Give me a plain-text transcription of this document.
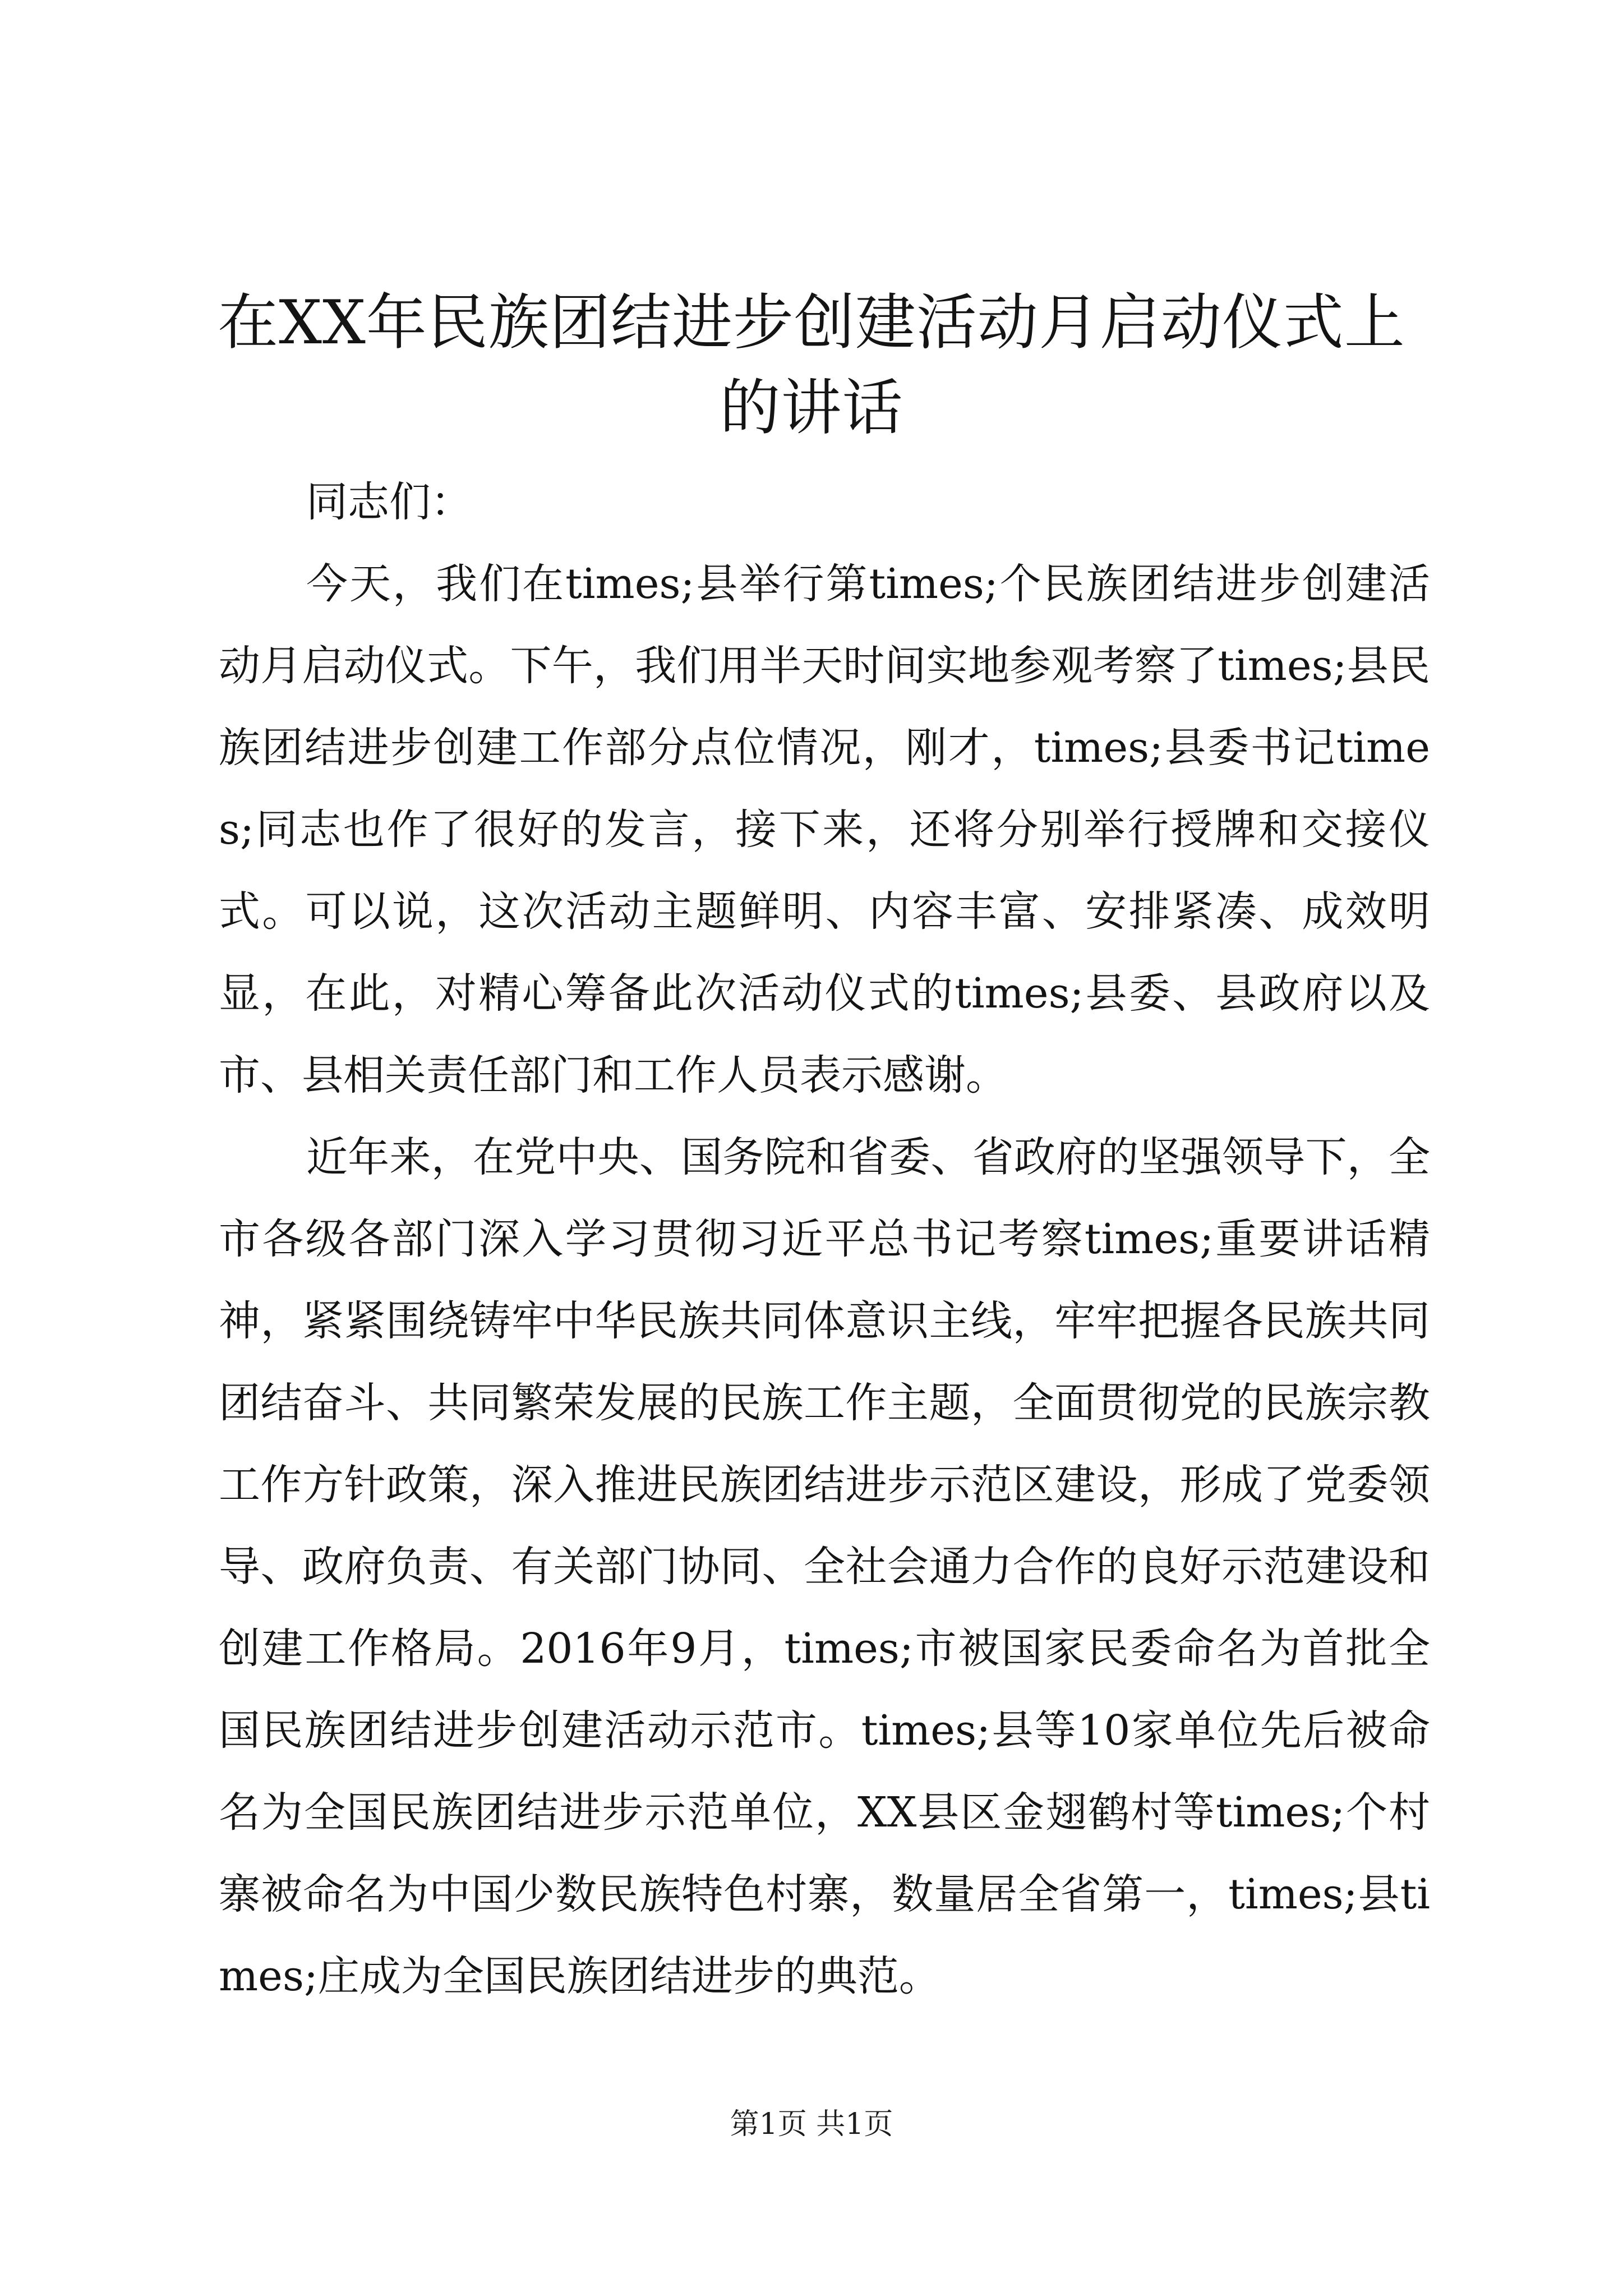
在XX年民族团结进步创建活动月启动仪式上的讲话

同志们：

今天，我们在times;县举行第times;个民族团结进步创建活动月启动仪式。下午，我们用半天时间实地参观考察了times;县民族团结进步创建工作部分点位情况，刚才，times;县委书记times;同志也作了很好的发言，接下来，还将分别举行授牌和交接仪式。可以说，这次活动主题鲜明、内容丰富、安排紧凑、成效明显，在此，对精心筹备此次活动仪式的times;县委、县政府以及市、县相关责任部门和工作人员表示感谢。

近年来，在党中央、国务院和省委、省政府的坚强领导下，全市各级各部门深入学习贯彻习近平总书记考察times;重要讲话精神，紧紧围绕铸牢中华民族共同体意识主线，牢牢把握各民族共同团结奋斗、共同繁荣发展的民族工作主题，全面贯彻党的民族宗教工作方针政策，深入推进民族团结进步示范区建设，形成了党委领导、政府负责、有关部门协同、全社会通力合作的良好示范建设和创建工作格局。2016年9月，times;市被国家民委命名为首批全国民族团结进步创建活动示范市。times;县等10家单位先后被命名为全国民族团结进步示范单位，XX县区金翅鹤村等times;个村寨被命名为中国少数民族特色村寨，数量居全省第一，times;县times;庄成为全国民族团结进步的典范。

第1页 共1页
